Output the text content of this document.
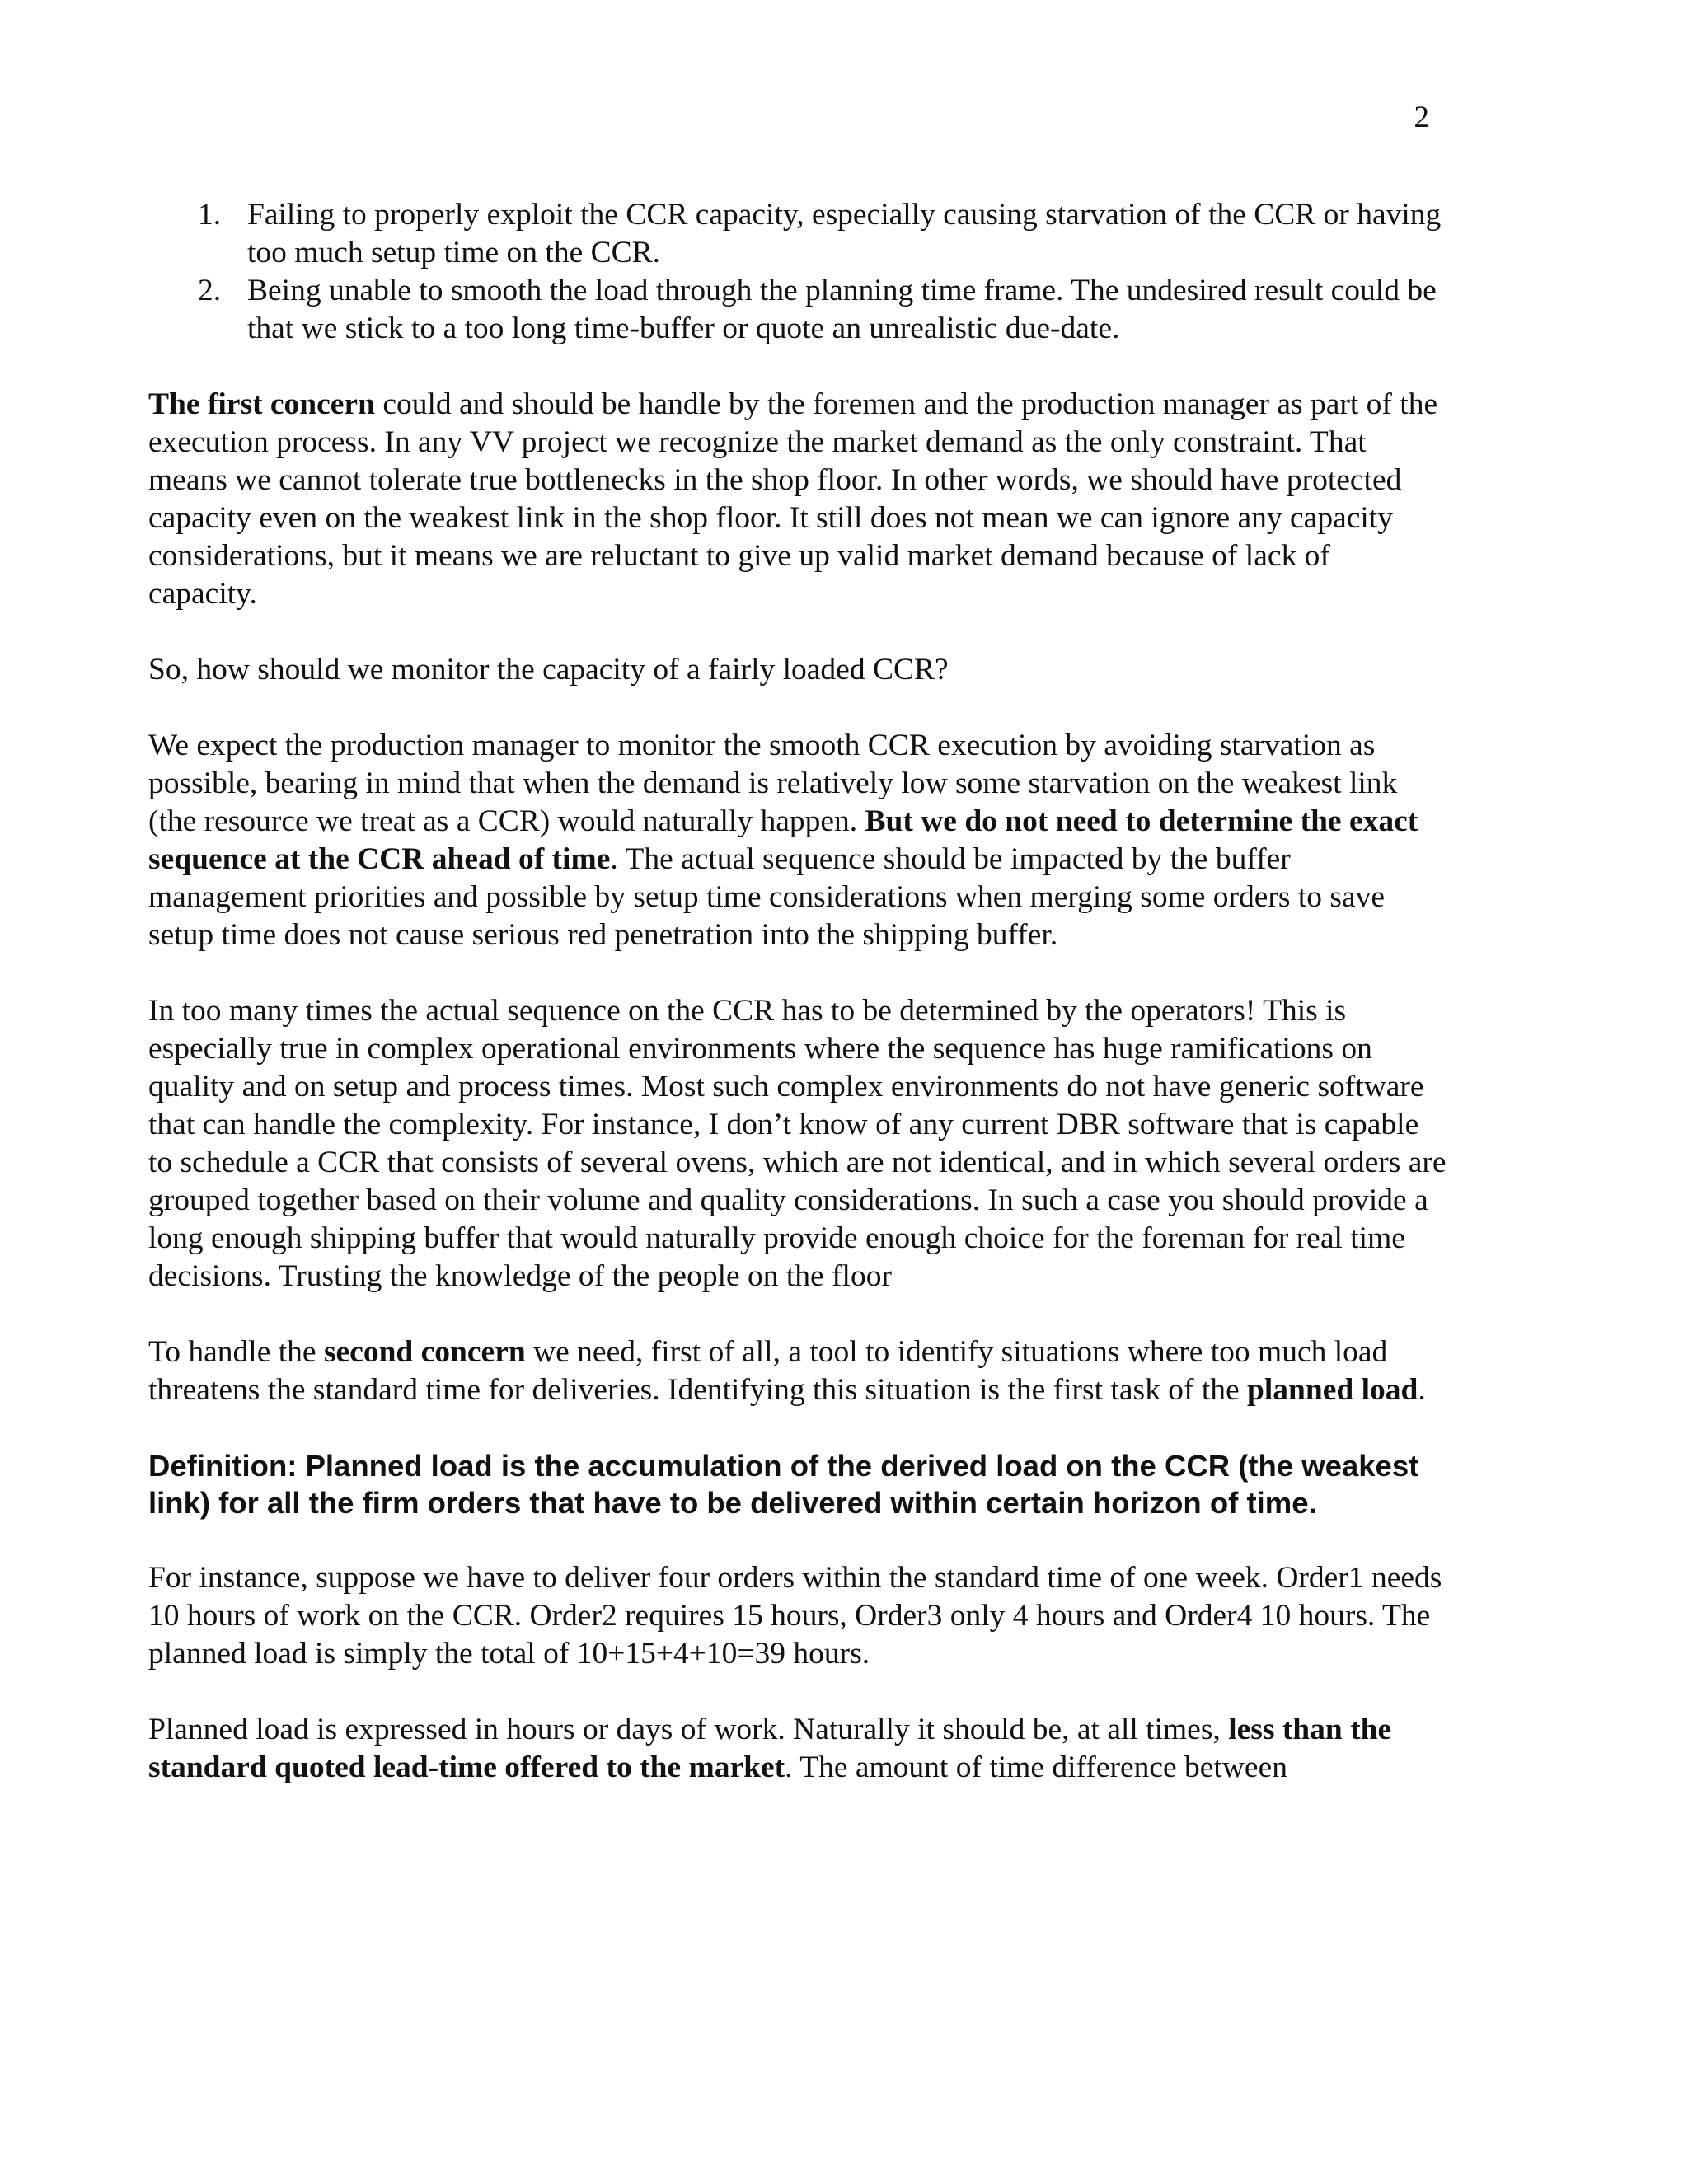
2
1. Failing to properly exploit the CCR capacity, especially causing starvation of the CCR or having too much setup time on the CCR.
2. Being unable to smooth the load through the planning time frame. The undesired result could be that we stick to a too long time-buffer or quote an unrealistic due-date.

The first concern could and should be handle by the foremen and the production manager as part of the execution process. In any VV project we recognize the market demand as the only constraint. That means we cannot tolerate true bottlenecks in the shop floor. In other words, we should have protected capacity even on the weakest link in the shop floor. It still does not mean we can ignore any capacity considerations, but it means we are reluctant to give up valid market demand because of lack of capacity.

So, how should we monitor the capacity of a fairly loaded CCR?

We expect the production manager to monitor the smooth CCR execution by avoiding starvation as possible, bearing in mind that when the demand is relatively low some starvation on the weakest link (the resource we treat as a CCR) would naturally happen. But we do not need to determine the exact sequence at the CCR ahead of time. The actual sequence should be impacted by the buffer management priorities and possible by setup time considerations when merging some orders to save setup time does not cause serious red penetration into the shipping buffer.

In too many times the actual sequence on the CCR has to be determined by the operators! This is especially true in complex operational environments where the sequence has huge ramifications on quality and on setup and process times. Most such complex environments do not have generic software that can handle the complexity. For instance, I don’t know of any current DBR software that is capable to schedule a CCR that consists of several ovens, which are not identical, and in which several orders are grouped together based on their volume and quality considerations. In such a case you should provide a long enough shipping buffer that would naturally provide enough choice for the foreman for real time decisions. Trusting the knowledge of the people on the floor

To handle the second concern we need, first of all, a tool to identify situations where too much load threatens the standard time for deliveries. Identifying this situation is the first task of the planned load.

Definition: Planned load is the accumulation of the derived load on the CCR (the weakest link) for all the firm orders that have to be delivered within certain horizon of time.

For instance, suppose we have to deliver four orders within the standard time of one week. Order1 needs 10 hours of work on the CCR. Order2 requires 15 hours, Order3 only 4 hours and Order4 10 hours. The planned load is simply the total of 10+15+4+10=39 hours.

Planned load is expressed in hours or days of work. Naturally it should be, at all times, less than the standard quoted lead-time offered to the market. The amount of time difference between
